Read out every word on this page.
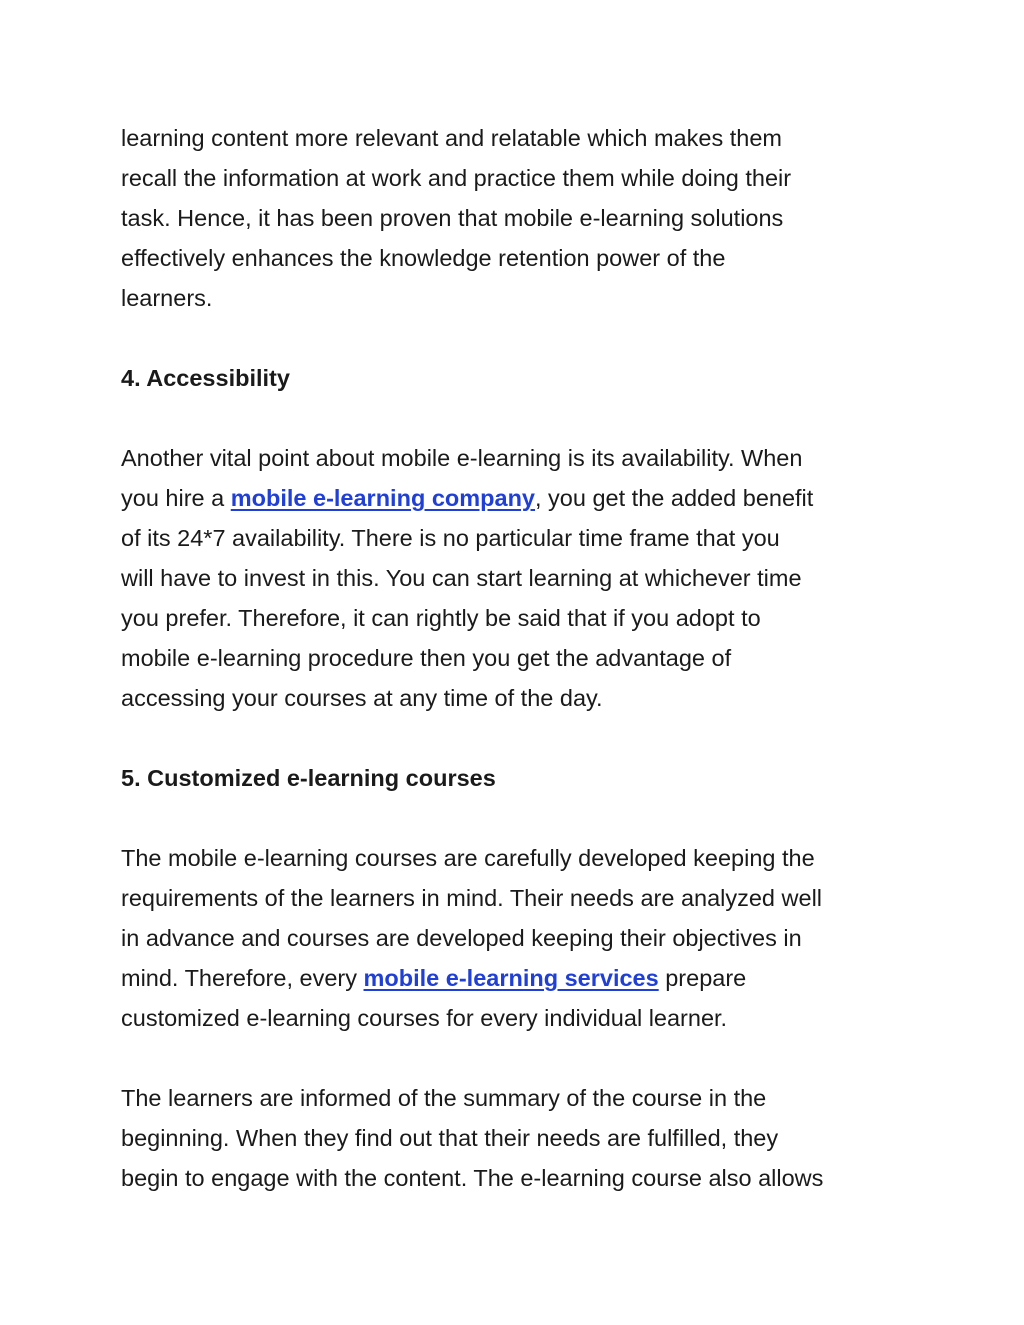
learning content more relevant and relatable which makes them
recall the information at work and practice them while doing their
task. Hence, it has been proven that mobile e-learning solutions
effectively enhances the knowledge retention power of the
learners.
4. Accessibility
Another vital point about mobile e-learning is its availability. When
you hire a mobile e-learning company, you get the added benefit
of its 24*7 availability. There is no particular time frame that you
will have to invest in this. You can start learning at whichever time
you prefer. Therefore, it can rightly be said that if you adopt to
mobile e-learning procedure then you get the advantage of
accessing your courses at any time of the day.
5. Customized e-learning courses
The mobile e-learning courses are carefully developed keeping the
requirements of the learners in mind. Their needs are analyzed well
in advance and courses are developed keeping their objectives in
mind. Therefore, every mobile e-learning services prepare
customized e-learning courses for every individual learner.
The learners are informed of the summary of the course in the
beginning. When they find out that their needs are fulfilled, they
begin to engage with the content. The e-learning course also allows
